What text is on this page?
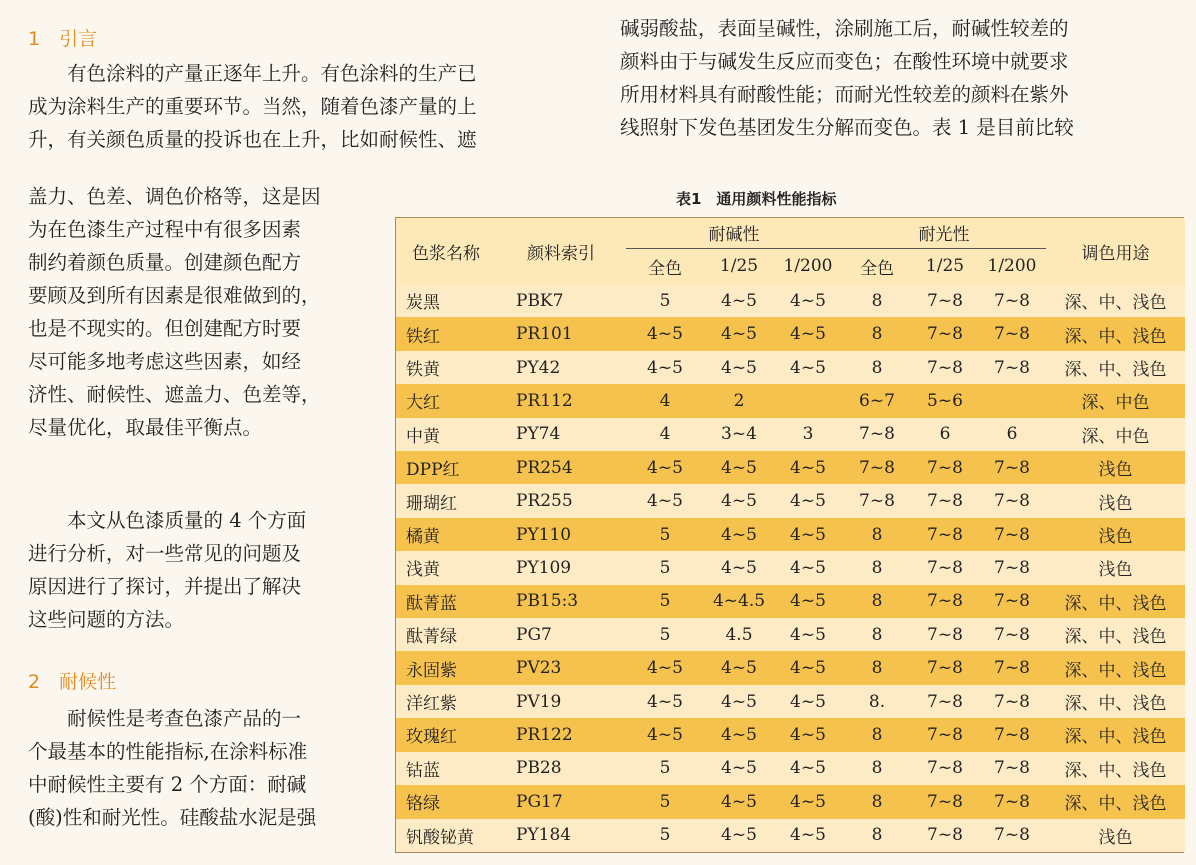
1　引言
　　有色涂料的产量正逐年上升。有色涂料的生产已
成为涂料生产的重要环节。当然，随着色漆产量的上
升，有关颜色质量的投诉也在上升，比如耐候性、遮
盖力、色差、调色价格等，这是因
为在色漆生产过程中有很多因素
制约着颜色质量。创建颜色配方
要顾及到所有因素是很难做到的，
也是不现实的。但创建配方时要
尽可能多地考虑这些因素，如经
济性、耐候性、遮盖力、色差等，
尽量优化，取最佳平衡点。
　　本文从色漆质量的 4 个方面
进行分析，对一些常见的问题及
原因进行了探讨，并提出了解决
这些问题的方法。
2　耐候性
　　耐候性是考查色漆产品的一
个最基本的性能指标,在涂料标准
中耐候性主要有 2 个方面：耐碱
(酸)性和耐光性。硅酸盐水泥是强
碱弱酸盐，表面呈碱性，涂刷施工后，耐碱性较差的
颜料由于与碱发生反应而变色；在酸性环境中就要求
所用材料具有耐酸性能；而耐光性较差的颜料在紫外
线照射下发色基团发生分解而变色。表 1 是目前比较
表1　通用颜料性能指标
色浆名称	颜料索引	耐碱性			耐光性			调色用途
		全色	1/25	1/200	全色	1/25	1/200	
炭黑	PBK7	5	4~5	4~5	8	7~8	7~8	深、中、浅色
铁红	PR101	4~5	4~5	4~5	8	7~8	7~8	深、中、浅色
铁黄	PY42	4~5	4~5	4~5	8	7~8	7~8	深、中、浅色
大红	PR112	4	2		6~7	5~6		深、中色
中黄	PY74	4	3~4	3	7~8	6	6	深、中色
DPP红	PR254	4~5	4~5	4~5	7~8	7~8	7~8	浅色
珊瑚红	PR255	4~5	4~5	4~5	7~8	7~8	7~8	浅色
橘黄	PY110	5	4~5	4~5	8	7~8	7~8	浅色
浅黄	PY109	5	4~5	4~5	8	7~8	7~8	浅色
酞菁蓝	PB15:3	5	4~4.5	4~5	8	7~8	7~8	深、中、浅色
酞菁绿	PG7	5	4.5	4~5	8	7~8	7~8	深、中、浅色
永固紫	PV23	4~5	4~5	4~5	8	7~8	7~8	深、中、浅色
洋红紫	PV19	4~5	4~5	4~5	8.	7~8	7~8	深、中、浅色
玫瑰红	PR122	4~5	4~5	4~5	8	7~8	7~8	深、中、浅色
钴蓝	PB28	5	4~5	4~5	8	7~8	7~8	深、中、浅色
铬绿	PG17	5	4~5	4~5	8	7~8	7~8	深、中、浅色
钒酸铋黄	PY184	5	4~5	4~5	8	7~8	7~8	浅色
